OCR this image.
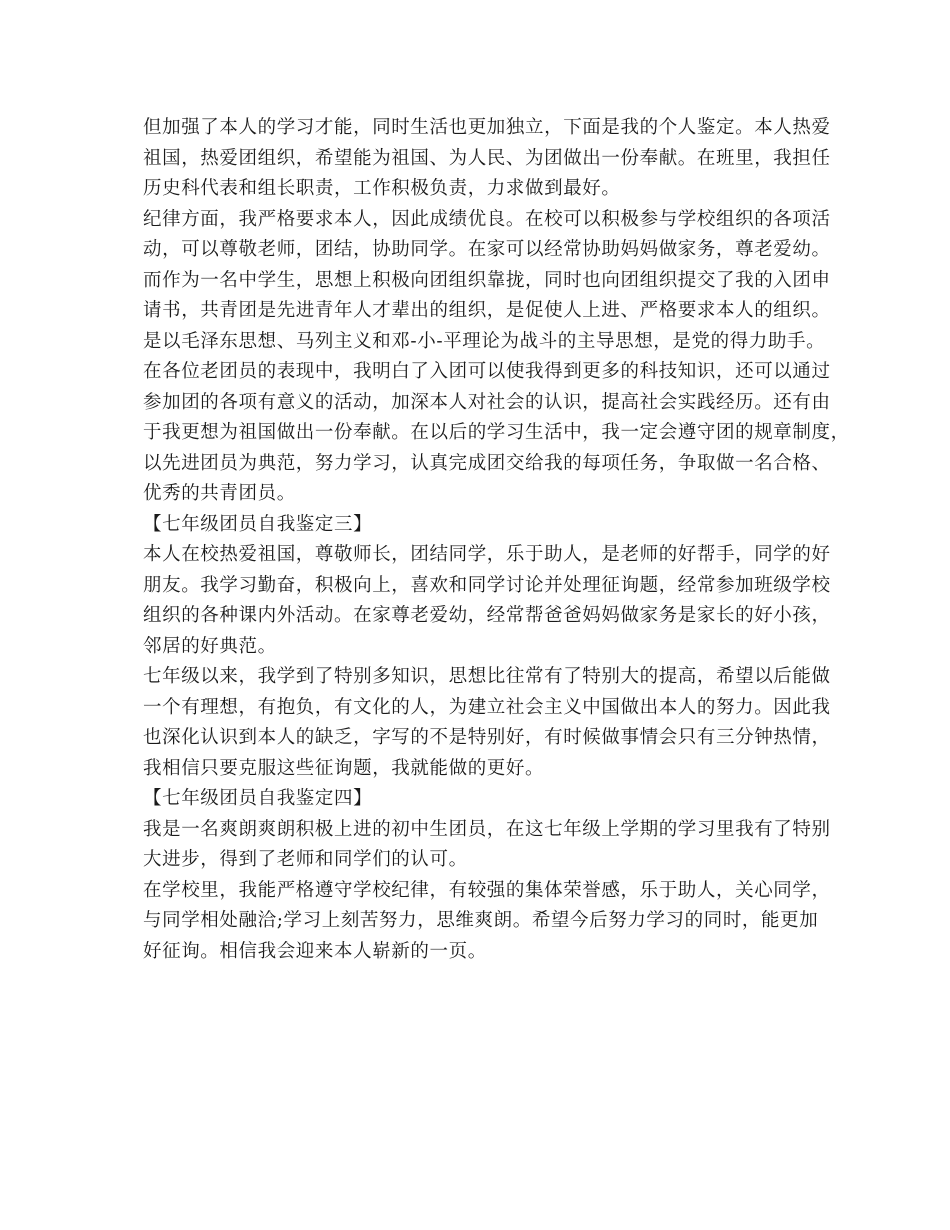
但加强了本人的学习才能，同时生活也更加独立，下面是我的个人鉴定。本人热爱
祖国，热爱团组织，希望能为祖国、为人民、为团做出一份奉献。在班里，我担任
历史科代表和组长职责，工作积极负责，力求做到最好。
纪律方面，我严格要求本人，因此成绩优良。在校可以积极参与学校组织的各项活
动，可以尊敬老师，团结，协助同学。在家可以经常协助妈妈做家务，尊老爱幼。
而作为一名中学生，思想上积极向团组织靠拢，同时也向团组织提交了我的入团申
请书，共青团是先进青年人才辈出的组织，是促使人上进、严格要求本人的组织。
是以毛泽东思想、马列主义和邓-小-平理论为战斗的主导思想，是党的得力助手。
在各位老团员的表现中，我明白了入团可以使我得到更多的科技知识，还可以通过
参加团的各项有意义的活动，加深本人对社会的认识，提高社会实践经历。还有由
于我更想为祖国做出一份奉献。在以后的学习生活中，我一定会遵守团的规章制度，
以先进团员为典范，努力学习，认真完成团交给我的每项任务，争取做一名合格、
优秀的共青团员。
【七年级团员自我鉴定三】
本人在校热爱祖国，尊敬师长，团结同学，乐于助人，是老师的好帮手，同学的好
朋友。我学习勤奋，积极向上，喜欢和同学讨论并处理征询题，经常参加班级学校
组织的各种课内外活动。在家尊老爱幼，经常帮爸爸妈妈做家务是家长的好小孩，
邻居的好典范。
七年级以来，我学到了特别多知识，思想比往常有了特别大的提高，希望以后能做
一个有理想，有抱负，有文化的人，为建立社会主义中国做出本人的努力。因此我
也深化认识到本人的缺乏，字写的不是特别好，有时候做事情会只有三分钟热情，
我相信只要克服这些征询题，我就能做的更好。
【七年级团员自我鉴定四】
我是一名爽朗爽朗积极上进的初中生团员，在这七年级上学期的学习里我有了特别
大进步，得到了老师和同学们的认可。
在学校里，我能严格遵守学校纪律，有较强的集体荣誉感，乐于助人，关心同学，
与同学相处融洽;学习上刻苦努力，思维爽朗。希望今后努力学习的同时，能更加
好征询。相信我会迎来本人崭新的一页。
